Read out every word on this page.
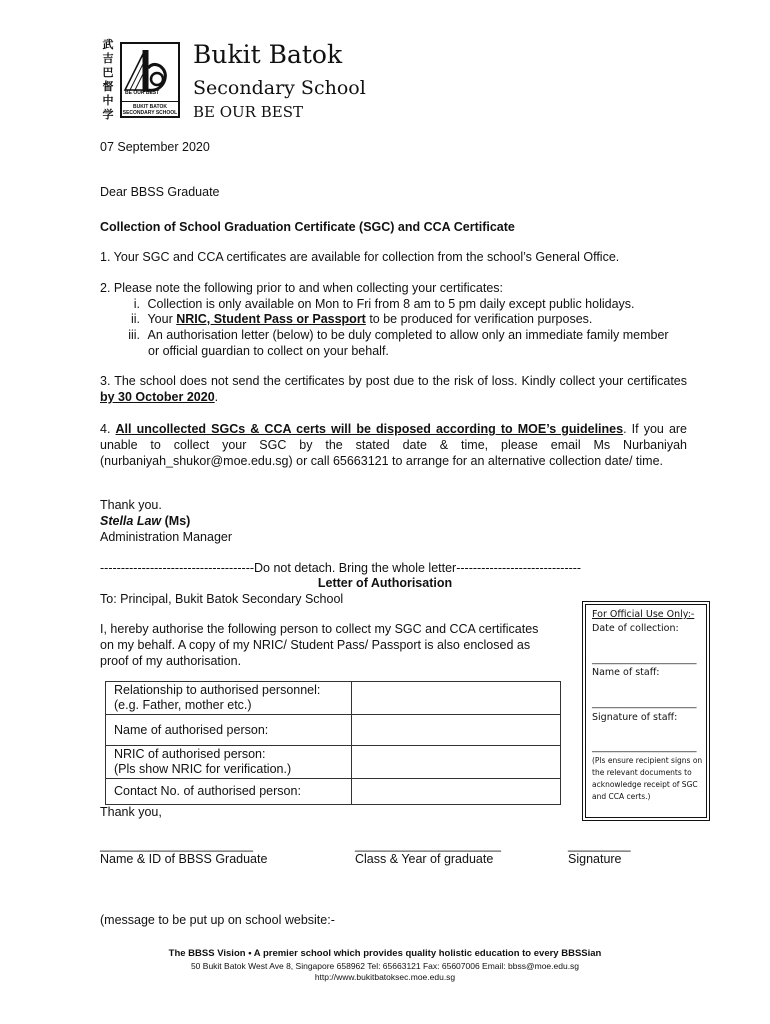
武
吉
巴
督
中
学
BE OUR BEST
BUKIT BATOK
SECONDARY SCHOOL
Bukit Batok
Secondary School
BE OUR BEST
07 September 2020
Dear BBSS Graduate
Collection of School Graduation Certificate (SGC) and CCA Certificate
1. Your SGC and CCA certificates are available for collection from the school’s General Office.
2. Please note the following prior to and when collecting your certificates:
i. Collection is only available on Mon to Fri from 8 am to 5 pm daily except public holidays.
ii. Your NRIC, Student Pass or Passport to be produced for verification purposes.
iii. An authorisation letter (below) to be duly completed to allow only an immediate family member
or official guardian to collect on your behalf.
3. The school does not send the certificates by post due to the risk of loss. Kindly collect your certificates by 30 October 2020.
4. All uncollected SGCs & CCA certs will be disposed according to MOE’s guidelines. If you are unable to collect your SGC by the stated date & time, please email Ms Nurbaniyah (nurbaniyah_shukor@moe.edu.sg) or call 65663121 to arrange for an alternative collection date/ time.
Thank you.
Stella Law (Ms)
Administration Manager
-------------------------------------Do not detach. Bring the whole letter------------------------------
Letter of Authorisation
To: Principal, Bukit Batok Secondary School
I, hereby authorise the following person to collect my SGC and CCA certificates
on my behalf. A copy of my NRIC/ Student Pass/ Passport is also enclosed as
proof of my authorisation.
Relationship to authorised personnel:
(e.g. Father, mother etc.)	

Name of authorised person:	

NRIC of authorised person:
(Pls show NRIC for verification.)	

Contact No. of authorised person:	
Thank you,
______________________	_____________________	_________
Name & ID of BBSS Graduate	Class & Year of graduate	Signature
For Official Use Only:-
Date of collection:
______________________
Name of staff:
______________________
Signature of staff:
______________________
(Pls ensure recipient signs on
the relevant documents to
acknowledge receipt of SGC
and CCA certs.)
(message to be put up on school website:-
The BBSS Vision • A premier school which provides quality holistic education to every BBSSian
50 Bukit Batok West Ave 8, Singapore 658962 Tel: 65663121 Fax: 65607006 Email: bbss@moe.edu.sg
http://www.bukitbatoksec.moe.edu.sg
